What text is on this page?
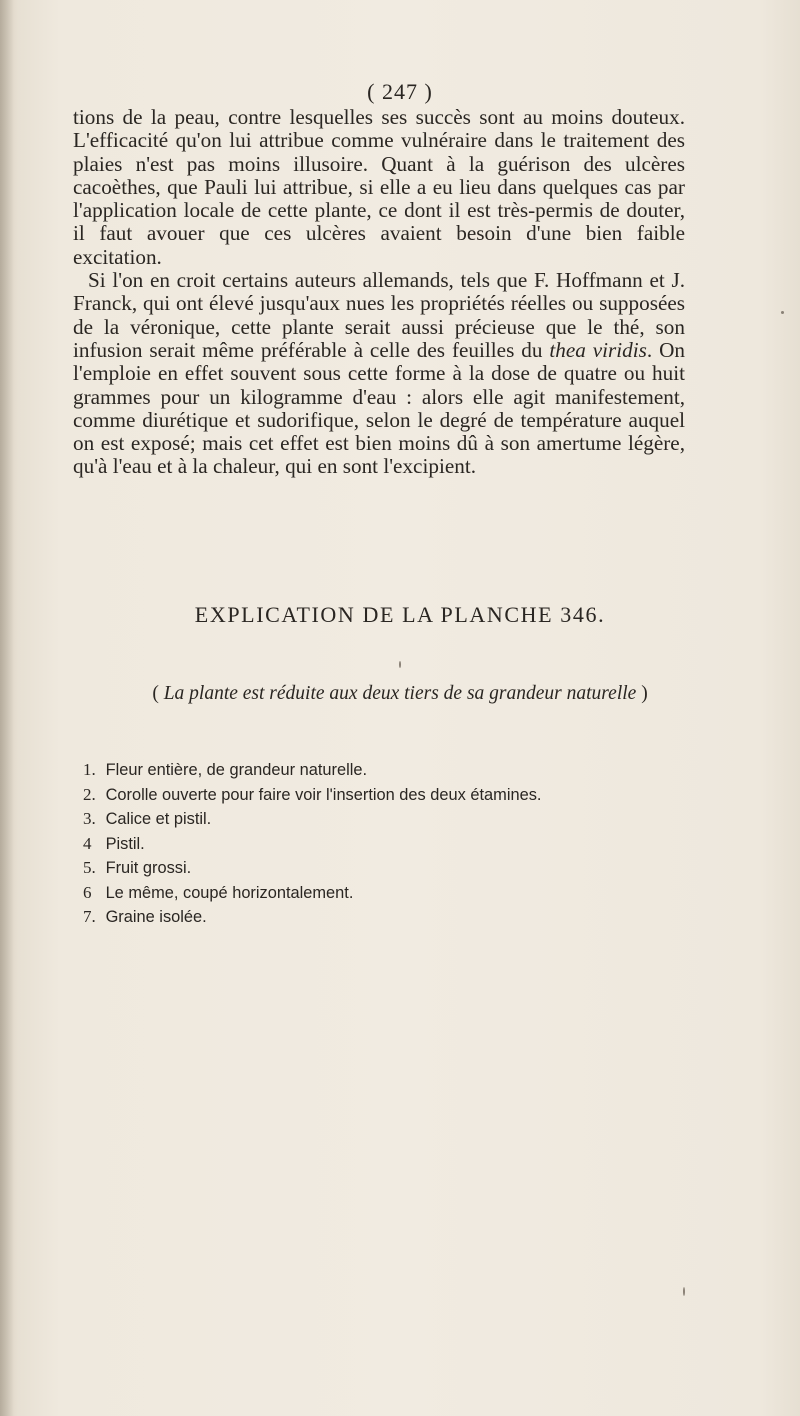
( 247 )

tions de la peau, contre lesquelles ses succès sont au moins douteux. L'efficacité qu'on lui attribue comme vulnéraire dans le traitement des plaies n'est pas moins illusoire. Quant à la guérison des ulcères cacoèthes, que Pauli lui attribue, si elle a eu lieu dans quelques cas par l'application locale de cette plante, ce dont il est très-permis de douter, il faut avouer que ces ulcères avaient besoin d'une bien faible excitation.

Si l'on en croit certains auteurs allemands, tels que F. Hoffmann et J. Franck, qui ont élevé jusqu'aux nues les propriétés réelles ou supposées de la véronique, cette plante serait aussi précieuse que le thé, son infusion serait même préférable à celle des feuilles du thea viridis. On l'emploie en effet souvent sous cette forme à la dose de quatre ou huit grammes pour un kilogramme d'eau : alors elle agit manifestement, comme diurétique et sudorifique, selon le degré de température auquel on est exposé; mais cet effet est bien moins dû à son amertume légère, qu'à l'eau et à la chaleur, qui en sont l'excipient.

EXPLICATION DE LA PLANCHE 346.
( La plante est réduite aux deux tiers de sa grandeur naturelle )
1. Fleur entière, de grandeur naturelle.
2. Corolle ouverte pour faire voir l'insertion des deux étamines.
3. Calice et pistil.
4 Pistil.
5. Fruit grossi.
6 Le même, coupé horizontalement.
7. Graine isolée.
